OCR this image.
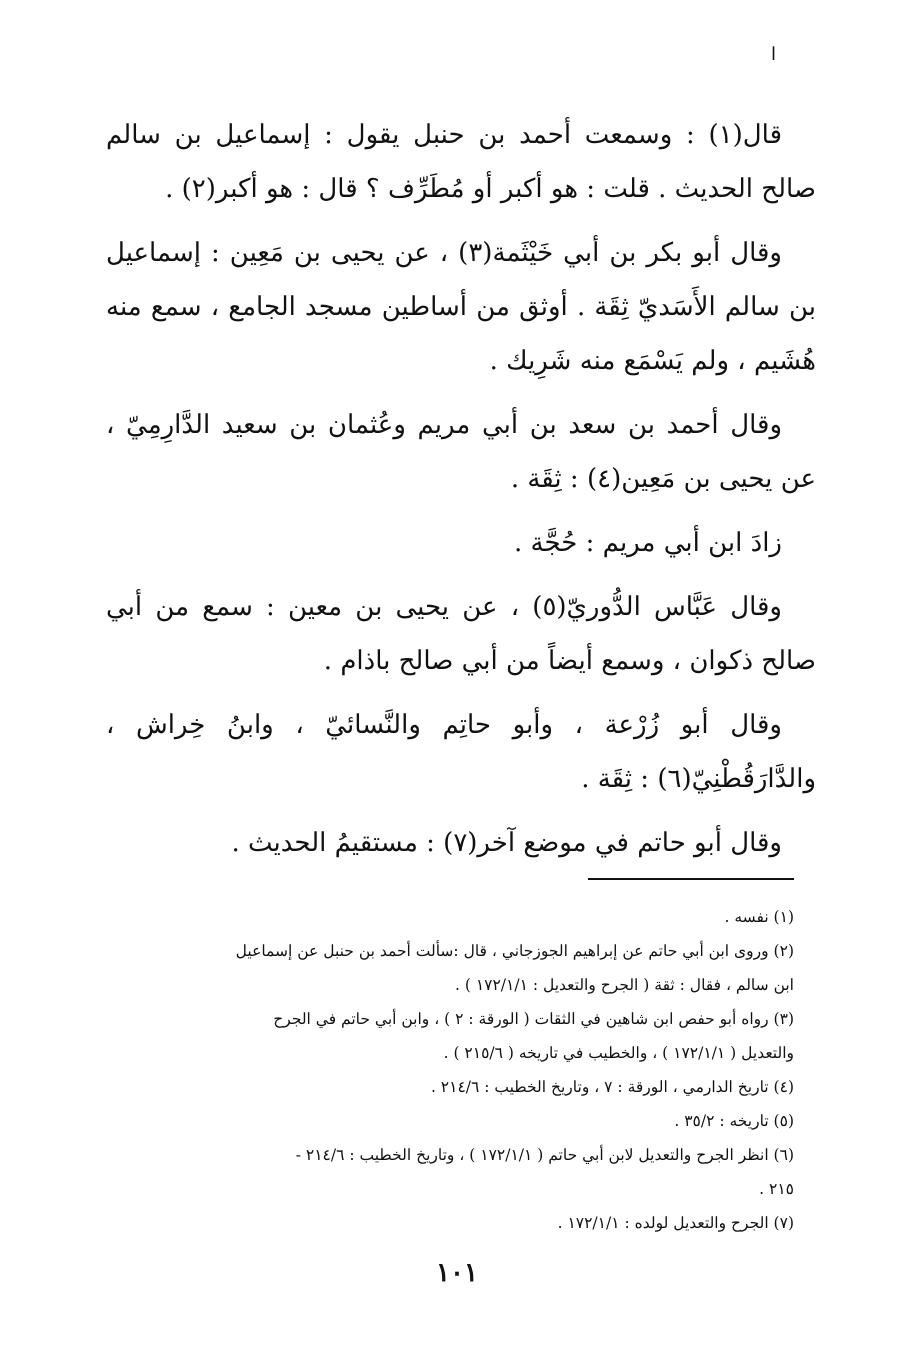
ا

قال(١) : وسمعت أحمد بن حنبل يقول : إسماعيل بن سالم صالح الحديث . قلت : هو أكبر أو مُطَرِّف ؟ قال : هو أكبر(٢) .

وقال أبو بكر بن أبي خَيْثَمة(٣) ، عن يحيى بن مَعِين : إسماعيل بن سالم الأَسَديّ ثِقَة . أوثق من أساطين مسجد الجامع ، سمع منه هُشَيم ، ولم يَسْمَع منه شَرِيك .

وقال أحمد بن سعد بن أبي مريم وعُثمان بن سعيد الدَّارِمِيّ ، عن يحيى بن مَعِين(٤) : ثِقَة .

زادَ ابن أبي مريم : حُجَّة .

وقال عَبَّاس الدُّوريّ(٥) ، عن يحيى بن معين : سمع من أبي صالح ذكوان ، وسمع أيضاً من أبي صالح باذام .

وقال أبو زُرْعة ، وأبو حاتِم والنَّسائيّ ، وابنُ خِراش ، والدَّارَقُطْنِيّ(٦) : ثِقَة .

وقال أبو حاتم في موضع آخر(٧) : مستقيمُ الحديث .

(١) نفسه .

(٢) وروى ابن أبي حاتم عن إبراهيم الجوزجاني ، قال :سألت أحمد بن حنبل عن إسماعيل

ابن سالم ، فقال : ثقة ( الجرح والتعديل : ١٧٢/١/١ ) .

(٣) رواه أبو حفص ابن شاهين في الثقات ( الورقة : ٢ ) ، وابن أبي حاتم في الجرح

والتعديل ( ١٧٢/١/١ ) ، والخطيب في تاريخه ( ٢١٥/٦ ) .

(٤) تاريخ الدارمي ، الورقة : ٧ ، وتاريخ الخطيب : ٢١٤/٦ .

(٥) تاريخه : ٣٥/٢ .

(٦) انظر الجرح والتعديل لابن أبي حاتم ( ١٧٢/١/١ ) ، وتاريخ الخطيب : ٢١٤/٦ -

٢١٥ .

(٧) الجرح والتعديل لولده : ١٧٢/١/١ .

١٠١
